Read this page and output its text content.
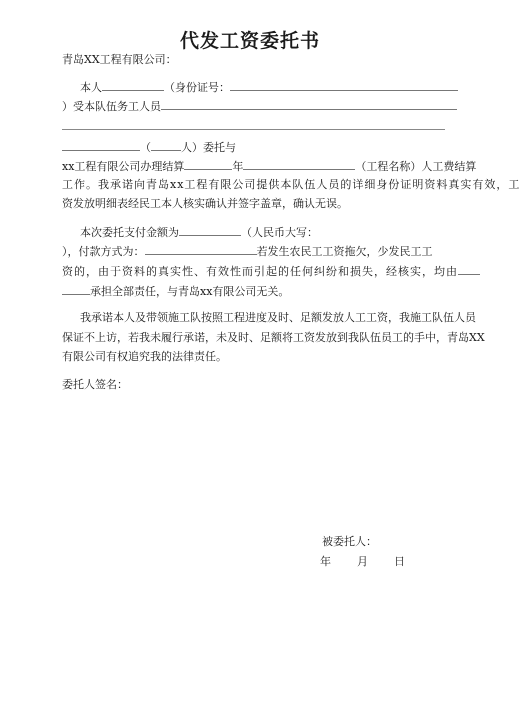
代发工资委托书
青岛XX工程有限公司：
本人	（身份证号：
）受本队伍务工人员
（	人）委托与
xx工程有限公司办理结算	年	（工程名称）人工费结算
工作。我承诺向青岛xx工程有限公司提供本队伍人员的详细身份证明资料真实有效，工
资发放明细表经民工本人核实确认并签字盖章，确认无误。
本次委托支付金额为	（人民币大写：
），付款方式为：	若发生农民工工资拖欠，少发民工工
资的，由于资料的真实性、有效性而引起的任何纠纷和损失，经核实，均由
承担全部责任，与青岛xx有限公司无关。
我承诺本人及带领施工队按照工程进度及时、足额发放人工工资，我施工队伍人员
保证不上访，若我未履行承诺，未及时、足额将工资发放到我队伍员工的手中，青岛XX
有限公司有权追究我的法律责任。
委托人签名：
被委托人：
年 月 日
